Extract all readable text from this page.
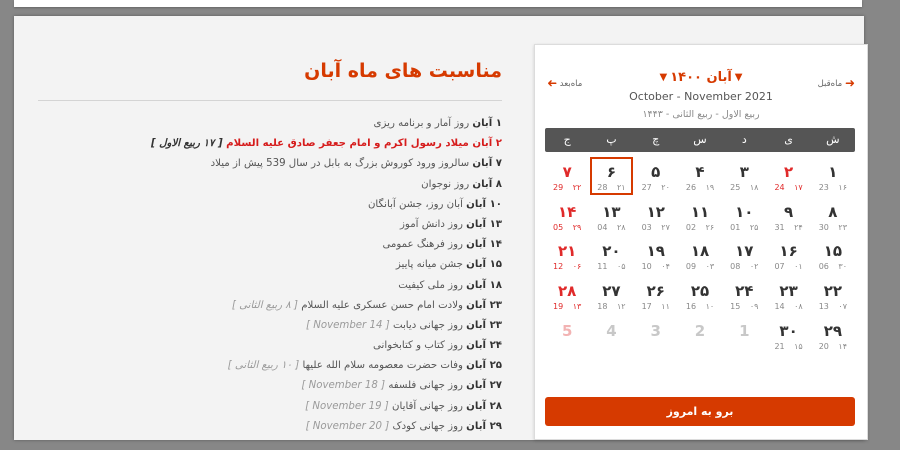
مناسبت های ماه آبان
۱ آبان روز آمار و برنامه ریزی
۲ آبان میلاد رسول اکرم و امام جعفر صادق علیه السلام [ ۱۷ ربیع الاول ]
۷ آبان سالروز ورود کوروش بزرگ به بابل در سال 539 پیش از میلاد
۸ آبان روز نوجوان
۱۰ آبان آبان روز، جشن آبانگان
۱۳ آبان روز دانش آموز
۱۴ آبان روز فرهنگ عمومی
۱۵ آبان جشن میانه پاییز
۱۸ آبان روز ملی کیفیت
۲۳ آبان ولادت امام حسن عسکری علیه السلام [ ۸ ربیع الثانی ]
۲۳ آبان روز جهانی دیابت [ 14 November ]
۲۴ آبان روز کتاب و کتابخوانی
۲۵ آبان وفات حضرت معصومه سلام الله علیها [ ۱۰ ربیع الثانی ]
۲۷ آبان روز جهانی فلسفه [ 18 November ]
۲۸ آبان روز جهانی آقایان [ 19 November ]
۲۹ آبان روز جهانی کودک [ 20 November ]
ماه‌قبل ➜
➜ ماه‌بعد
▼آبان ۱۴۰۰▼
October - November 2021
ربیع الاول - ربیع الثانی - ۱۴۴۳
ش
ی
د
س
چ
پ
ج
۱
23 ۱۶
۲
24 ۱۷
۳
25 ۱۸
۴
26 ۱۹
۵
27 ۲۰
۶
28 ۲۱
۷
29 ۲۲
۸
30 ۲۳
۹
31 ۲۴
۱۰
01 ۲۵
۱۱
02 ۲۶
۱۲
03 ۲۷
۱۳
04 ۲۸
۱۴
05 ۲۹
۱۵
06 ۳۰
۱۶
07 ۰۱
۱۷
08 ۰۲
۱۸
09 ۰۳
۱۹
10 ۰۴
۲۰
11 ۰۵
۲۱
12 ۰۶
۲۲
13 ۰۷
۲۳
14 ۰۸
۲۴
15 ۰۹
۲۵
16 ۱۰
۲۶
17 ۱۱
۲۷
18 ۱۲
۲۸
19 ۱۳
۲۹
20 ۱۴
۳۰
21 ۱۵
1
2
3
4
5
برو به امروز
